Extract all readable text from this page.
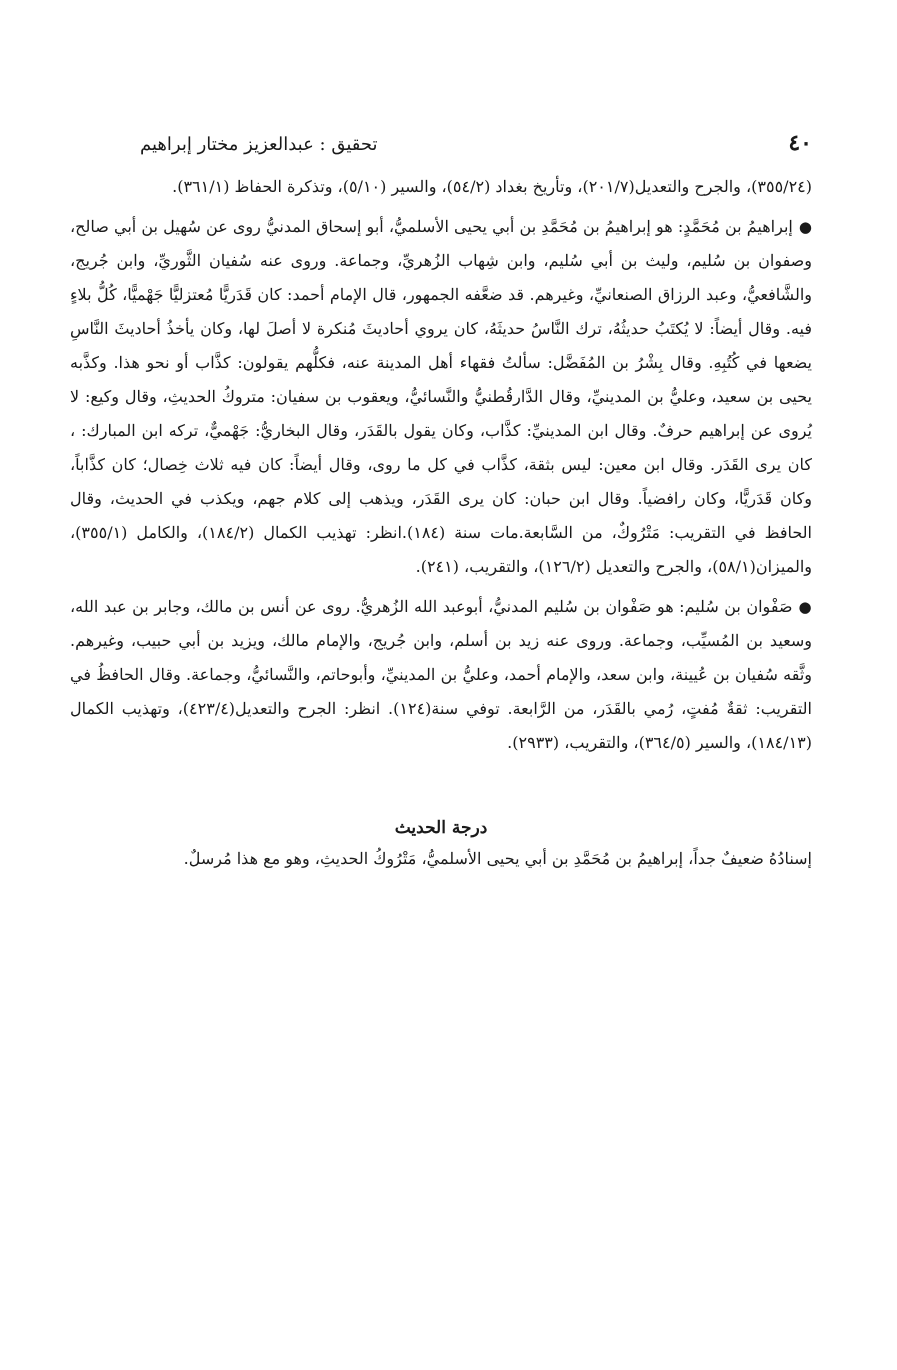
٤٠
تحقيق : عبدالعزيز مختار إبراهيم

(٣٥٥/٢٤)، والجرح والتعديل(٢٠١/٧)، وتأريخ بغداد (٥٤/٢)، والسير (٥/١٠)، وتذكرة الحفاظ (٣٦١/١).

●إبراهيمُ بن مُحَمَّدٍ: هو إبراهيمُ بن مُحَمَّدِ بن أبي يحيى الأسلميُّ، أبو إسحاق المدنيُّ روى عن سُهيل بن أبي صالح، وصفوان بن سُليم، وليث بن أبي سُليم، وابن شِهاب الزُهريِّ، وجماعة. وروى عنه سُفيان الثَّوريِّ، وابن جُريج، والشَّافعيُّ، وعبد الرزاق الصنعانيِّ، وغيرهم. قد ضعَّفه الجمهور، قال الإمام أحمد: كان قَدَريًّا مُعتزليًّا جَهْميًّا، كُلُّ بلاءٍ فيه. وقال أيضاً: لا يُكتَبُ حديثُهُ، ترك النَّاسُ حديثَهُ، كان يروي أحاديثَ مُنكرة لا أصلَ لها، وكان يأخذُ أحاديثَ النَّاسِ يضعها في كُتُبِهِ. وقال بِشْرُ بن المُفَضَّل: سألتُ فقهاء أهل المدينة عنه، فكلُّهم يقولون: كذَّاب أو نحو هذا. وكذَّبه يحيى بن سعيد، وعليُّ بن المدينيِّ، وقال الدَّارقُطنيُّ والنَّسائيُّ، ويعقوب بن سفيان: متروكُ الحديثِ، وقال وكيع: لا يُروى عن إبراهيم حرفٌ. وقال ابن المدينيِّ: كذَّاب، وكان يقول بالقَدَر، وقال البخاريُّ: جَهْميٌّ، تركه ابن المبارك: ، كان يرى القَدَر. وقال ابن معين: ليس بثقة، كذَّاب في كل ما روى، وقال أيضاً: كان فيه ثلاث خِصال؛ كان كذَّاباً، وكان قَدَريًّا، وكان رافضياً. وقال ابن حبان: كان يرى القَدَر، ويذهب إلى كلام جهم، ويكذب في الحديث، وقال الحافظ في التقريب: مَتْرُوكٌ، من السَّابعة.مات سنة (١٨٤).انظر: تهذيب الكمال (١٨٤/٢)، والكامل (٣٥٥/١)، والميزان(٥٨/١)، والجرح والتعديل (١٢٦/٢)، والتقريب، (٢٤١).

●صَفْوان بن سُليم: هو صَفْوان بن سُليم المدنيُّ، أبوعبد الله الزُهريُّ. روى عن أنس بن مالك، وجابر بن عبد الله، وسعيد بن المُسيِّب، وجماعة. وروى عنه زيد بن أسلم، وابن جُريج، والإمام مالك، ويزيد بن أبي حبيب، وغيرهم. وثَّقه سُفيان بن عُيينة، وابن سعد، والإمام أحمد، وعليُّ بن المدينيِّ، وأبوحاتم، والنَّسائيُّ، وجماعة. وقال الحافظُ في التقريب: ثقةٌ مُفتٍ، رُمي بالقَدَر، من الرَّابعة. توفي سنة(١٢٤). انظر: الجرح والتعديل(٤٢٣/٤)، وتهذيب الكمال (١٨٤/١٣)، والسير (٣٦٤/٥)، والتقريب، (٢٩٣٣).

درجة الحديث

إسنادُهُ ضعيفٌ جداً، إبراهيمُ بن مُحَمَّدِ بن أبي يحيى الأسلميُّ، مَتْرُوكُ الحديثِ، وهو مع هذا مُرسلٌ.
